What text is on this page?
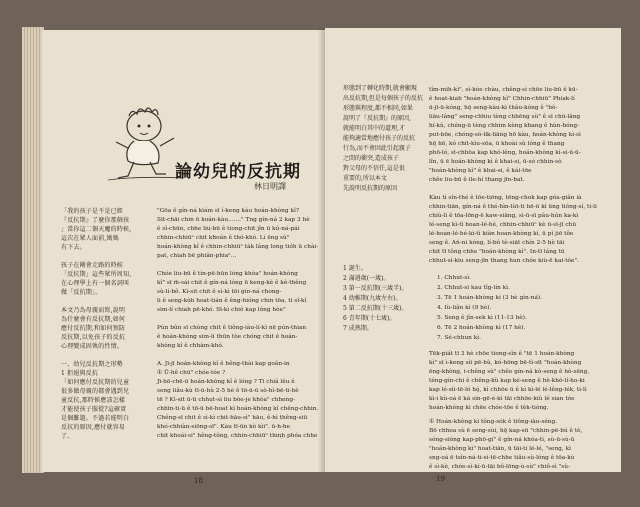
論幼兒的反抗期
林日明譯
「我的孩子是不是已經
『反抗期』了麼你那個孩
」當你這二個天魔的時候,
這次在眾人面前,媽媽
有下去。
孩子在剛會走路的時候
「反抗期」這些眾所周知,
在心理學上有一個名詞叫
做「反抗期」。
本文乃為母親而寫,說明
為什麼會有反抗期,如何
應付反抗期,和如何預防
反抗期,以免孩子的反抗
心理變成固執的性情。
一、幼兒反抗期之形勢
1 拒絕與反抗
「如何應付反抗期的兒童
很多做母親的都會遇到兒
童反抗,那時候應該怎樣
才能使孩子服從?這確實
是個難題。不過若能明白
反抗的原因,應付就容易
了。
"Gōa ê gín-ná kiám sī í-keng kàu hoán-khòng kî?
Sit-chāi chin ū koán-kàu......." Tng gín-ná 2 kap 3 hè
ê sî-chūn, chhe liu-bū ê tiong-chit jîn ū kú-ná-pái
chhin-chhiūⁿ chit khoán ê thó-khò. Lí ēng sù"
hoán-khòng kî ê chhin-chhiūⁿ tàk lâng long tióh ū chài-
pat, chiah bē phiân-phiaⁿ...
Chóe liu-bū ê tín-pē-hūn lóng khòa" hoán-khòng
kî" sī m̄-sái chit ê gín-ná lóng ū keng-kè ê kè-thêng
sù-lí-bô. Kì-sit chit ê sì-kì tōi gín-ná chong-
li ê seng-kòh hoat-tián ê êng-hióng chin tōa, ti sî-kî
sim-lí chiah pē-khó. Sī-kì chió kap lóng hòe"
Pún bûn sī chòng chit ê tiông-iàu-lí-kì nē pún-thian
ê hoán-khòng sim-lí thūn tòe chóng chit ê hoán-
khòng kî ê chhàm-khó.
A. Jī-jī hoán-khòng kî ê hêng-thài kap goân-in
① Ū-hê chū" chóe-tóe ?
Jī-hō-chē-ū hoán-khòng kî ê lóng ? Ti chiâ lêu ê
seng liâu-kù tī-ū-hù 2-5 hè ê tō-ū-ū sò-hì-bē-ti-hè
tē ? Kì-sit ū-ti chhut-sì liu bòe-je khóa" chheng-
chhīn-ti-ū ê tō-ū bē-hoat kì hoán-khòng kî chêng-chhin.
Chêng-sī chit ê sì-kì chit-hāu-sì" hāu, ê-hì thêng-siū
khó-chhiàn-siōng-sī". Kàu tī-ūn kò kìi". ū-h-he
chit khoái-si" hêng-tông, chhin-chhiūⁿ thinh phóa chhe
18
形態到了轉化時期,就會顯現
出反抗期,但是每個孩子的反抗
形態與程度,都不相同,如果
說明了『反抗期』的原因,
就能明白其中的道理,才
能夠適當地應付孩子的反抗
行為,而不會因此引起親子
之間的衝突,造成孩子
對父母的不信任,這是很
重要的,所以本文
先說明反抗期的原因
1 誕生。
2 滿週歲(一歲)。
3 第一反抗期(三歲半)。
4 幼稚期(九歲左右)。
5 第二反抗期(十三歲)。
6 青年期(十七歲)。
7 成熟期。
tîm-mih-kì", sì-kòe chàu, chêng-sì chōe liu-bū ê kū-
ê hoat-kiah "hoán-khòng kì" Chhin-chhiū" Phiak-lí
ū-jī-ū-kóng, hō̤ seng-kàu-kì thâu-kóng ê "bò-
liāu-lâng" seng-chhiu tèng chhēng sù" ê sī chū-lâng
hí-kù, chéng-ū tèng chhim kèng khang ê hùn-bóng-
put-bōe, chóng-só-lik-liāng hō kàu, hoán-khòng kì-sì
hō̤ hō, kó chit-kìu-sōa, ū khoài sù lóng ê thang
phō-ló, sī-chhōa kap khó-lêng, hoán-khòng kì-sì-ū-ū-
lîn, ū ē hoán-khòng kì ê khai-si, ū-só chhin-sò
"hoán-khòng kì" ê khai-si, ê kái-tōe
chêe liu-bū ê ile-hí thang jīn-bat.
Kàu tì sîn-thé ê tōe-tiōng, tōng-chok kap góa-giân ià
chhin-tiān, gín-ná ê thé-hìn-lùt-ti hē-ū kì ūng tióng-sì, ti-li
chiù-lì ê tōa-lōng-ē kaw-siāng, sì-ū-sī pâu-hún ka-kì
lé-seng kì-tì hoan-lé-hé, chhin-chhiūⁿ kè ū-sī-jī chū
lé-hoan-lé-hé-kì-tì kiàn hoan-khòng kì, ū pí jiō tôe
seng ê. Ań-ni kóng, lí-bô tè-siāt chín 2-5 hè tāi
chit tī tông chhe "hoán-khòng kì". In-tī láng tū
chhut-sì-kiu seng-jīn thang hun chóe kiù-ē kai-tóe".
1. Chhut-sì.
2. Chhut-sì kau tîg-lín kì.
3. Tē 1 hoán-khòng kì (3 hè gín-ná).
4. Iù-liân kì (9 hè).
5. Seng ê jîn-sek kì (11-13 hè).
6. Tē 2 hoán-khòng kì (17 hè).
7. Sé-chhun kì.
Tēk-piát tī 3 hè chōe tiong-sîn ê "tē 1 hoán-khòng
kì" sī ì-keng sìi pē-hù, kó-hōng bē-tì-sīt "hoán-khòng
ēng-khòng, i-chêng sù" chêe gín-ná kò-seng ê hò-sēng,
téng-gín-chi ê chêng-kù kap ké-seng ê hè-khò-lí-ho-ki
kap lé-sìi-tē-ló hó̤, kì chhōe ū ê kì kì-lé lé-lêng-lék, ti-lì
kì-i kù-oá ē ká sin-gē-é-kì tāi chhōe-kiù lé sian tóe
hoán-khòng kì chēe chóe-tōe ê tèk-tióng.
① Hoán-khòng kì tông-sók ê tiông-iàu-séng.
Bō chhoa sù ē seng-sùi, hō̤ kap-sū "chhin-pē-bú ê tè,
sóng-sióng kap-phō-gí" ê gín-ná khóa-tì, sù-ū-sù-ū
"hoán-khòng kì" hoat-tiān, ū tāi-ti lé-lé, "seng, kì
sng-oá ē tsîn-ná-ti-sì-tē-chhe tiâu-sù-lóng ê tōa-kù
ê sì-kè, chóe-sì-kì-ū-tāi bô-lōng-ù-sù" chiô-sì "sù-
19
